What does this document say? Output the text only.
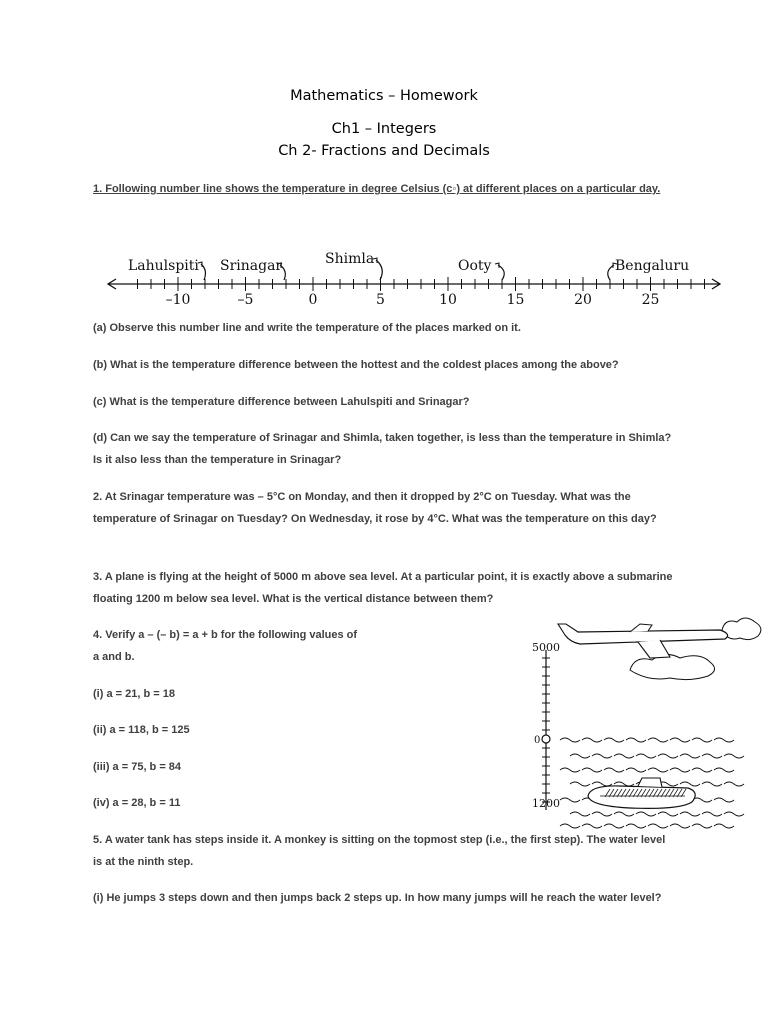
Mathematics – Homework
Ch1 – Integers
Ch 2- Fractions and Decimals
1. Following number line shows the temperature in degree Celsius (c◦) at different places on a particular day.
–10	–5	0	5	10	15	20	25
Lahulspiti Srinagar	Shimla	Ooty	Bengaluru
(a) Observe this number line and write the temperature of the places marked on it.
(b) What is the temperature difference between the hottest and the coldest places among the above?
(c) What is the temperature difference between Lahulspiti and Srinagar?
(d) Can we say the temperature of Srinagar and Shimla, taken together, is less than the temperature in Shimla? Is it also less than the temperature in Srinagar?
2. At Srinagar temperature was – 5°C on Monday, and then it dropped by 2°C on Tuesday. What was the temperature of Srinagar on Tuesday? On Wednesday, it rose by 4°C. What was the temperature on this day?
3. A plane is flying at the height of 5000 m above sea level. At a particular point, it is exactly above a submarine floating 1200 m below sea level. What is the vertical distance between them?
4. Verify a – (– b) = a + b for the following values of
a and b.
(i) a = 21, b = 18
(ii) a = 118, b = 125
(iii) a = 75, b = 84
(iv) a = 28, b = 11
5000
0
1200
5. A water tank has steps inside it. A monkey is sitting on the topmost step (i.e., the first step). The water level is at the ninth step.
(i) He jumps 3 steps down and then jumps back 2 steps up. In how many jumps will he reach the water level?
